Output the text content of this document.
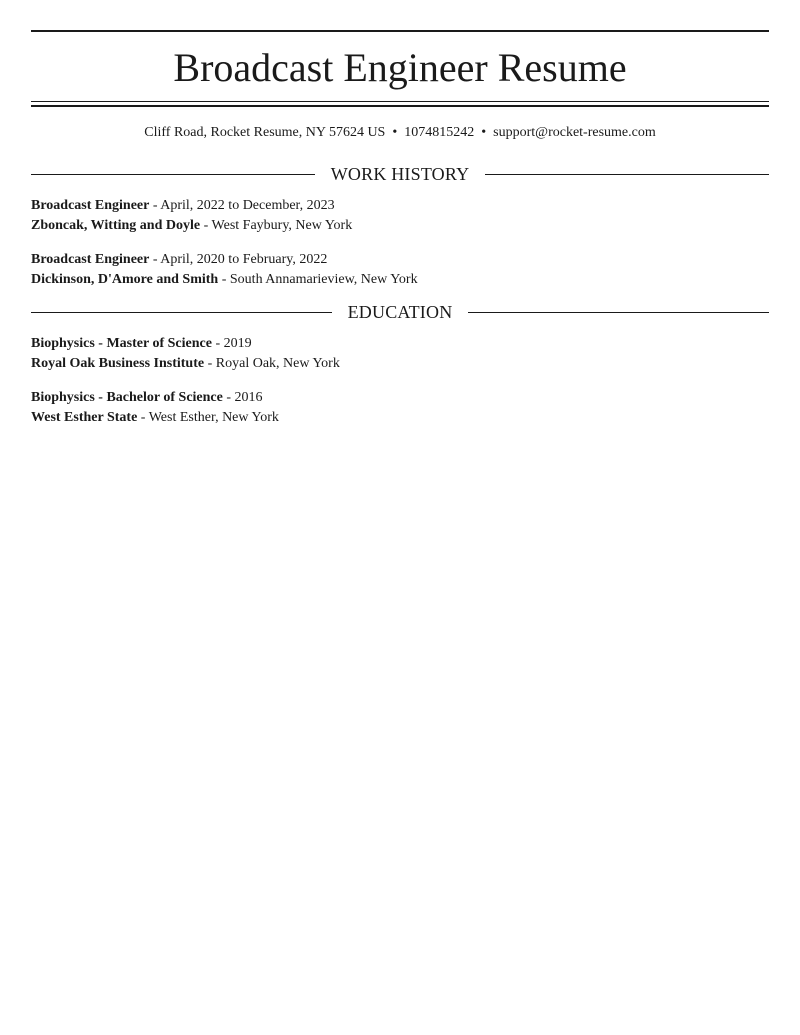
Broadcast Engineer Resume
Cliff Road, Rocket Resume, NY 57624 US • 1074815242 • support@rocket-resume.com
WORK HISTORY
Broadcast Engineer - April, 2022 to December, 2023
Zboncak, Witting and Doyle - West Faybury, New York
Broadcast Engineer - April, 2020 to February, 2022
Dickinson, D'Amore and Smith - South Annamarieview, New York
EDUCATION
Biophysics - Master of Science - 2019
Royal Oak Business Institute - Royal Oak, New York
Biophysics - Bachelor of Science - 2016
West Esther State - West Esther, New York
